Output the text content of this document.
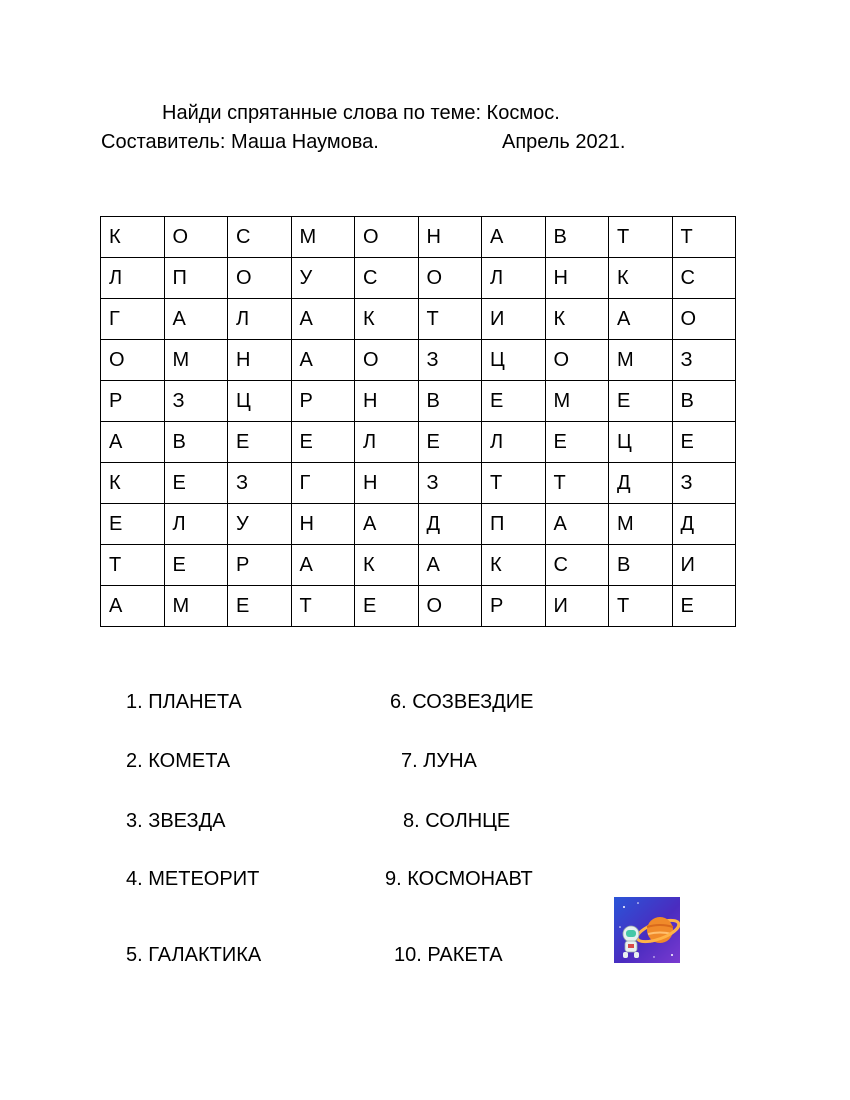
Найди спрятанные слова по теме: Космос.
Составитель: Маша Наумова.	Апрель 2021.
К	О	С	М	О	Н	А	В	Т	Т
Л	П	О	У	С	О	Л	Н	К	С
Г	А	Л	А	К	Т	И	К	А	О
О	М	Н	А	О	З	Ц	О	М	З
Р	З	Ц	Р	Н	В	Е	М	Е	В
А	В	Е	Е	Л	Е	Л	Е	Ц	Е
К	Е	З	Г	Н	З	Т	Т	Д	З
Е	Л	У	Н	А	Д	П	А	М	Д
Т	Е	Р	А	К	А	К	С	В	И
А	М	Е	Т	Е	О	Р	И	Т	Е
1. ПЛАНЕТА
2. КОМЕТА
3. ЗВЕЗДА
4. МЕТЕОРИТ
5. ГАЛАКТИКА
6. СОЗВЕЗДИЕ
7. ЛУНА
8. СОЛНЦЕ
9. КОСМОНАВТ
10. РАКЕТА
